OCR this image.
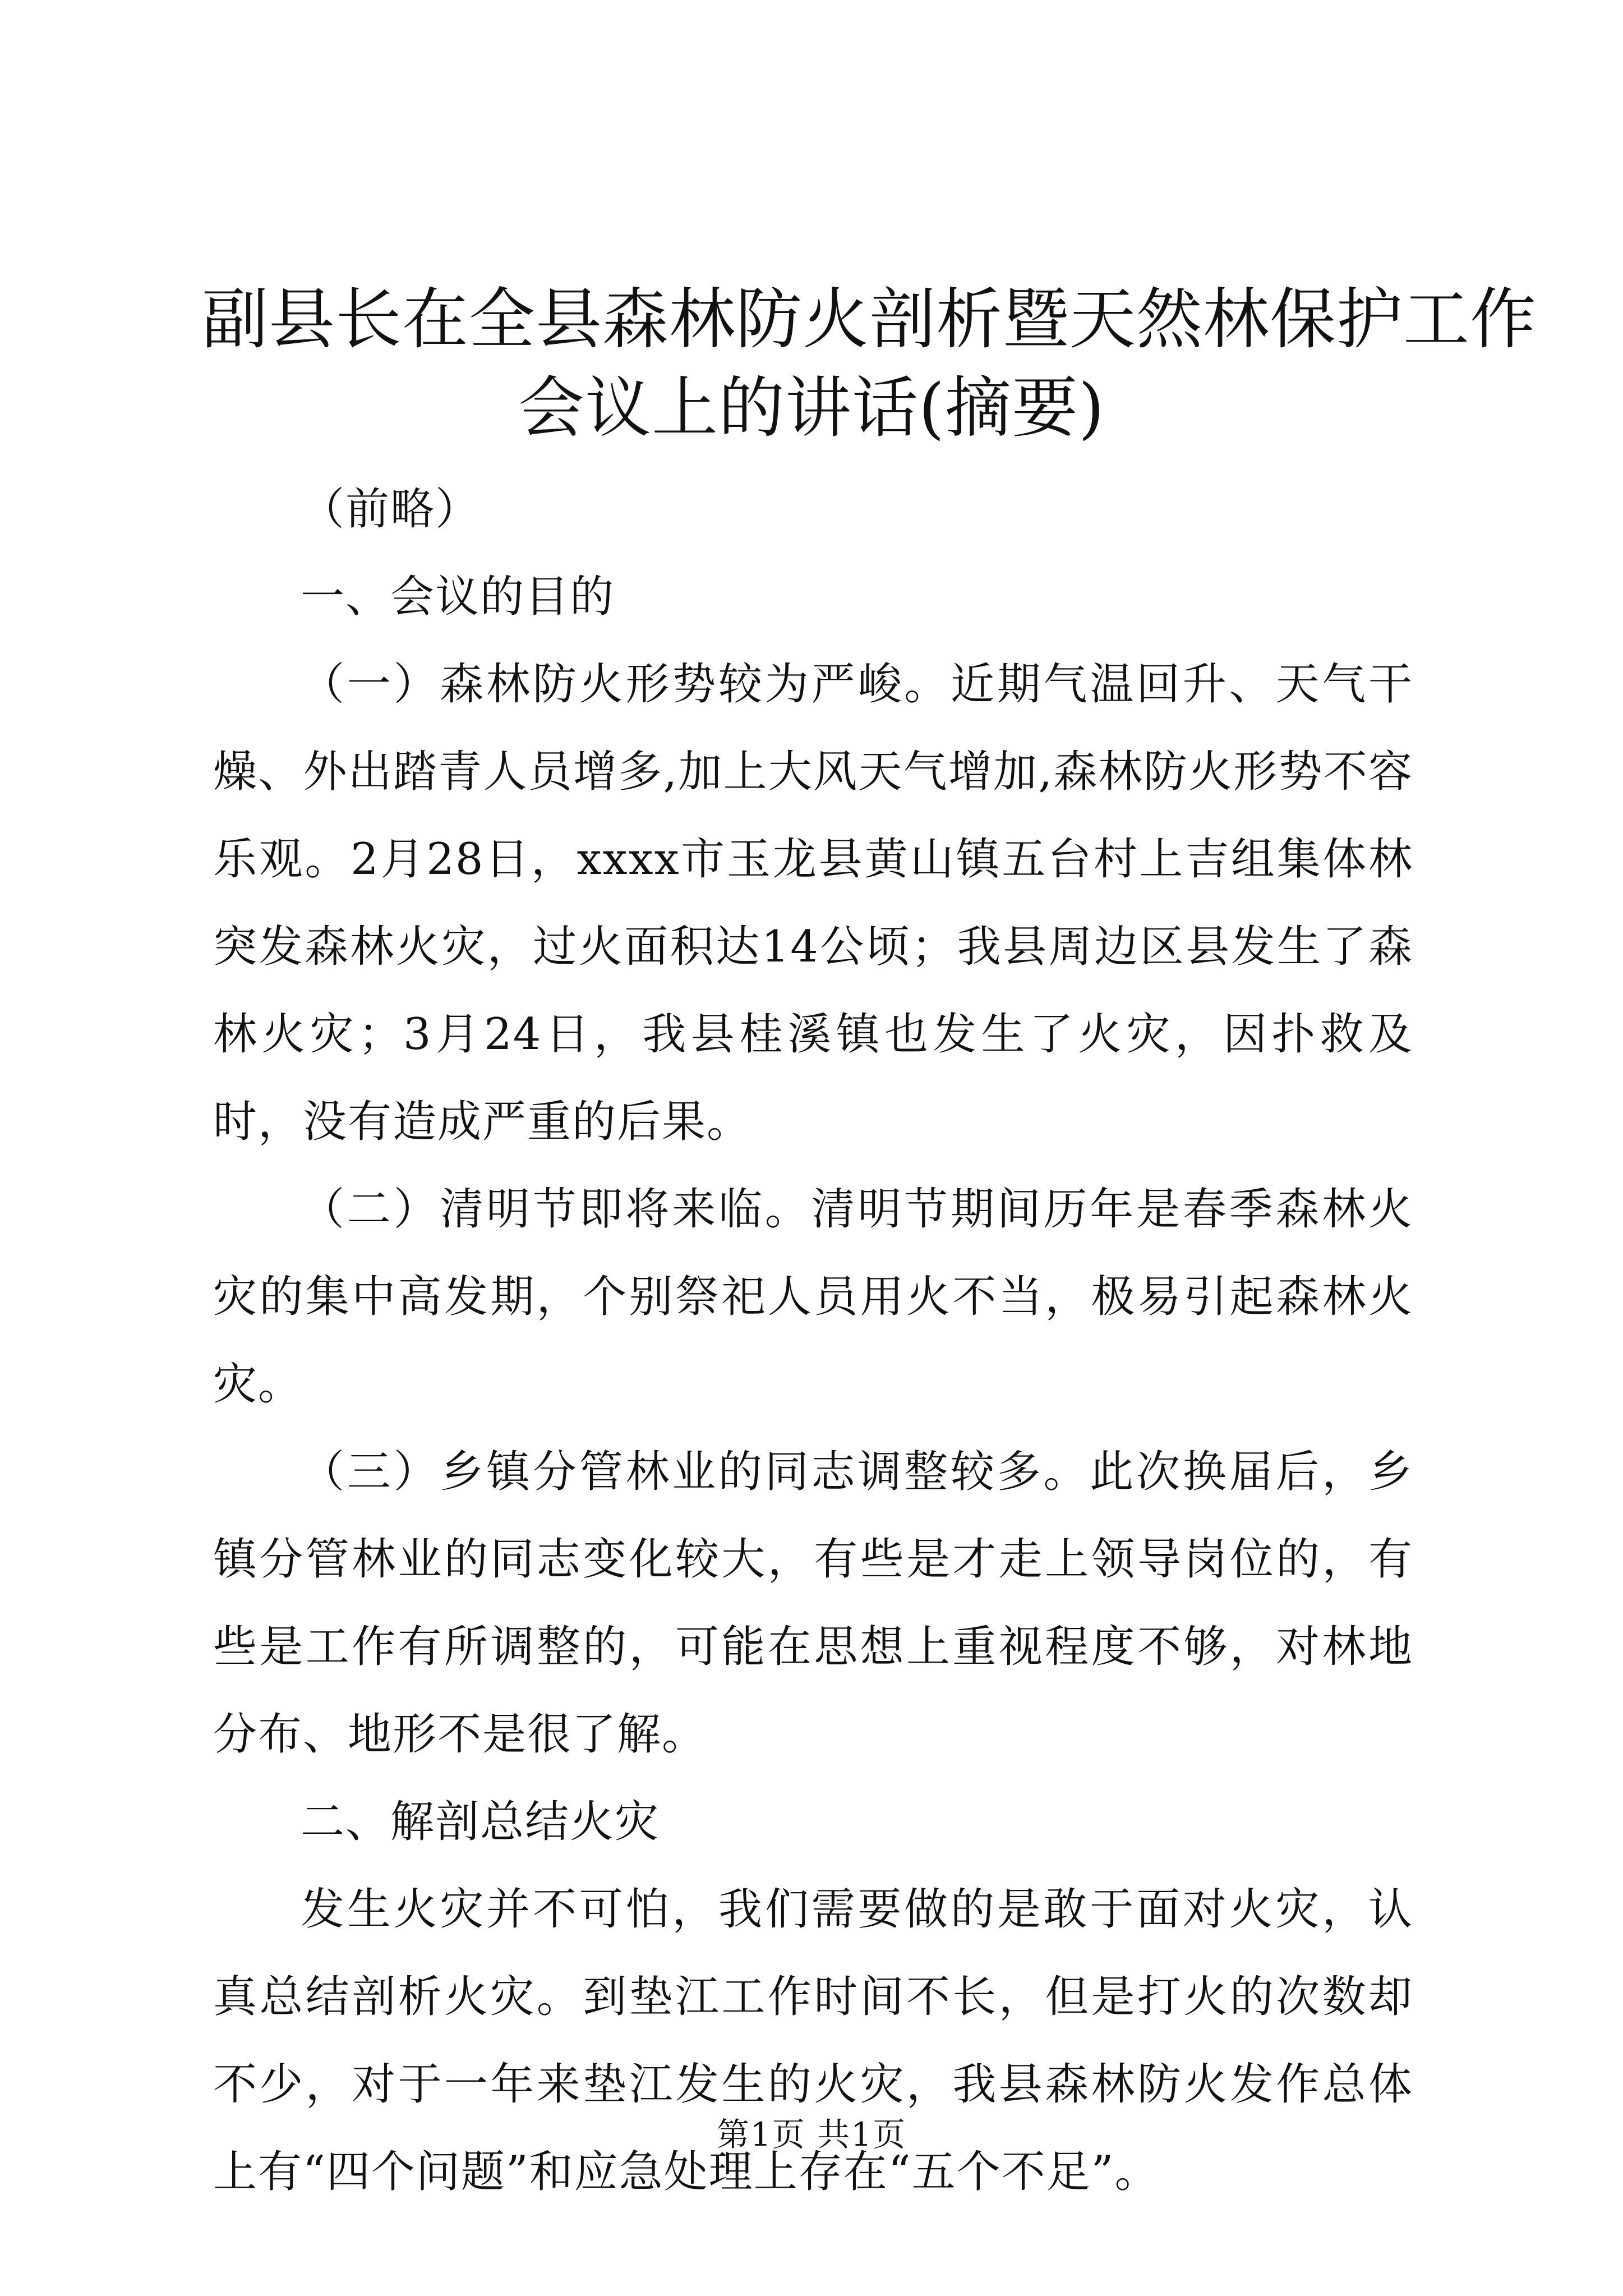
副县长在全县森林防火剖析暨天然林保护工作
会议上的讲话(摘要)

（前略）

一、会议的目的

（一）森林防火形势较为严峻。近期气温回升、天气干燥、外出踏青人员增多,加上大风天气增加,森林防火形势不容乐观。2月28日，xxxx市玉龙县黄山镇五台村上吉组集体林突发森林火灾，过火面积达14公顷；我县周边区县发生了森林火灾；3月24日，我县桂溪镇也发生了火灾，因扑救及时，没有造成严重的后果。

（二）清明节即将来临。清明节期间历年是春季森林火灾的集中高发期，个别祭祀人员用火不当，极易引起森林火灾。

（三）乡镇分管林业的同志调整较多。此次换届后，乡镇分管林业的同志变化较大，有些是才走上领导岗位的，有些是工作有所调整的，可能在思想上重视程度不够，对林地分布、地形不是很了解。

二、解剖总结火灾

发生火灾并不可怕，我们需要做的是敢于面对火灾，认真总结剖析火灾。到垫江工作时间不长，但是打火的次数却不少，对于一年来垫江发生的火灾，我县森林防火发作总体上有“四个问题”和应急处理上存在“五个不足”。

第1页 共1页
